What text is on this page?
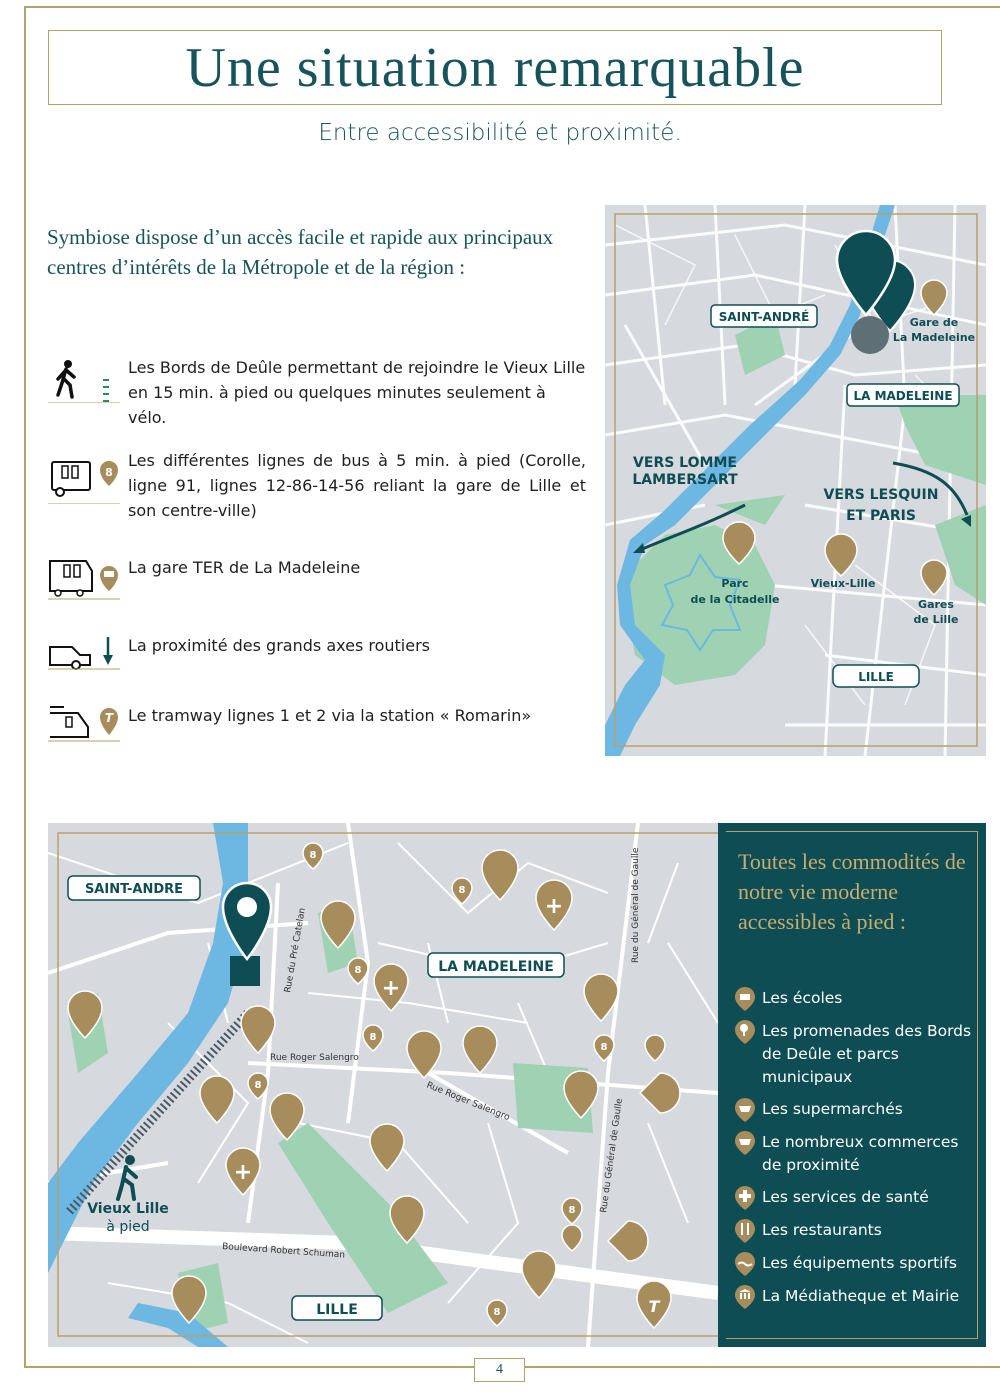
Une situation remarquable
Entre accessibilité et proximité.
Symbiose dispose d’un accès facile et rapide aux principaux centres d’intérêts de la Métropole et de la région :
Les Bords de Deûle permettant de rejoindre le Vieux Lille en 15 min. à pied ou quelques minutes seulement à vélo.
8
Les différentes lignes de bus à 5 min. à pied (Corolle, ligne 91, lignes 12-86-14-56 reliant la gare de Lille et son centre-ville)
La gare TER de La Madeleine
La proximité des grands axes routiers
T Le tramway lignes 1 et 2 via la station « Romarin»
SAINT-ANDRÉ
LA MADELEINE
LILLE
VERS LOMME
LAMBERSART
VERS LESQUIN
ET PARIS
Gare de
La Madeleine
Parc
de la Citadelle
Vieux-Lille
Gares
de Lille
+
+
+
8
8
8
8
8
8
8
8	T
SAINT-ANDRE
LA MADELEINE
LILLE
Vieux Lille
à pied
Rue du Pré Catelan
Rue Roger Salengro
Rue Roger Salengro
Rue du Général de Gaulle
Rue du Général de Gaulle
Boulevard Robert Schuman
Toutes les commodités de notre vie moderne accessibles à pied :
Les écoles
Les promenades des Bords de Deûle et parcs municipaux
Les supermarchés
Le nombreux commerces de proximité
Les services de santé
Les restaurants
Les équipements sportifs
La Médiatheque et Mairie
4
